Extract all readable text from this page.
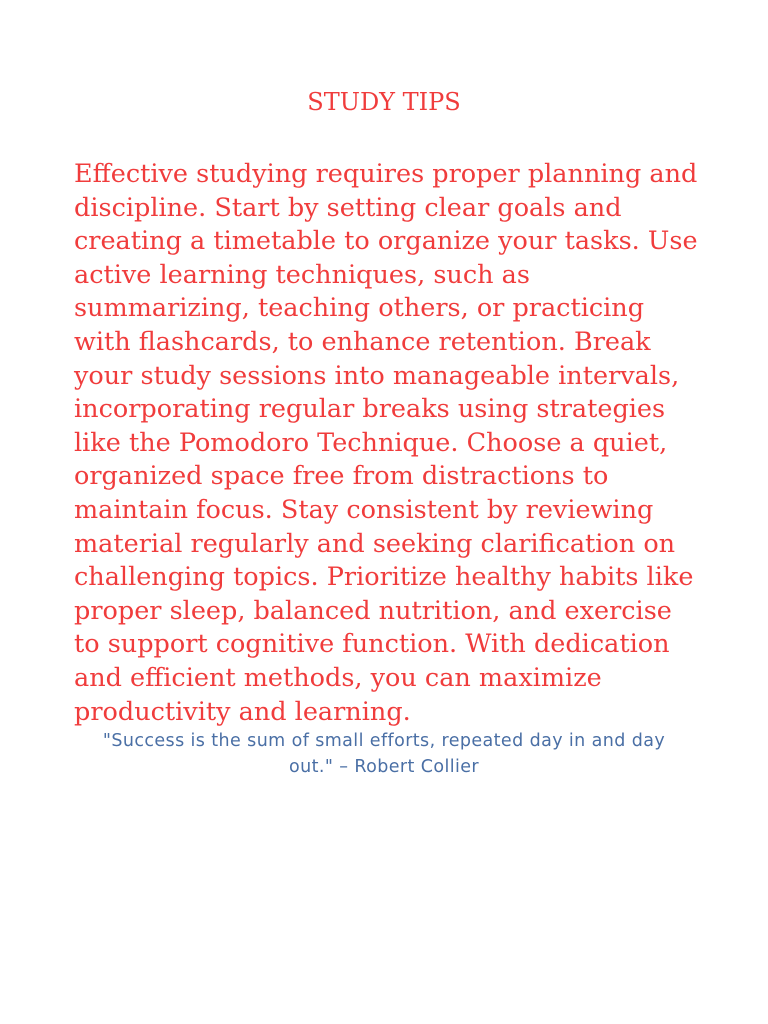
STUDY TIPS

Effective studying requires proper planning and discipline. Start by setting clear goals and creating a timetable to organize your tasks. Use active learning techniques, such as summarizing, teaching others, or practicing with flashcards, to enhance retention. Break your study sessions into manageable intervals, incorporating regular breaks using strategies like the Pomodoro Technique. Choose a quiet, organized space free from distractions to maintain focus. Stay consistent by reviewing material regularly and seeking clarification on challenging topics. Prioritize healthy habits like proper sleep, balanced nutrition, and exercise to support cognitive function. With dedication and efficient methods, you can maximize productivity and learning.

"Success is the sum of small efforts, repeated day in and day out." – Robert Collier
